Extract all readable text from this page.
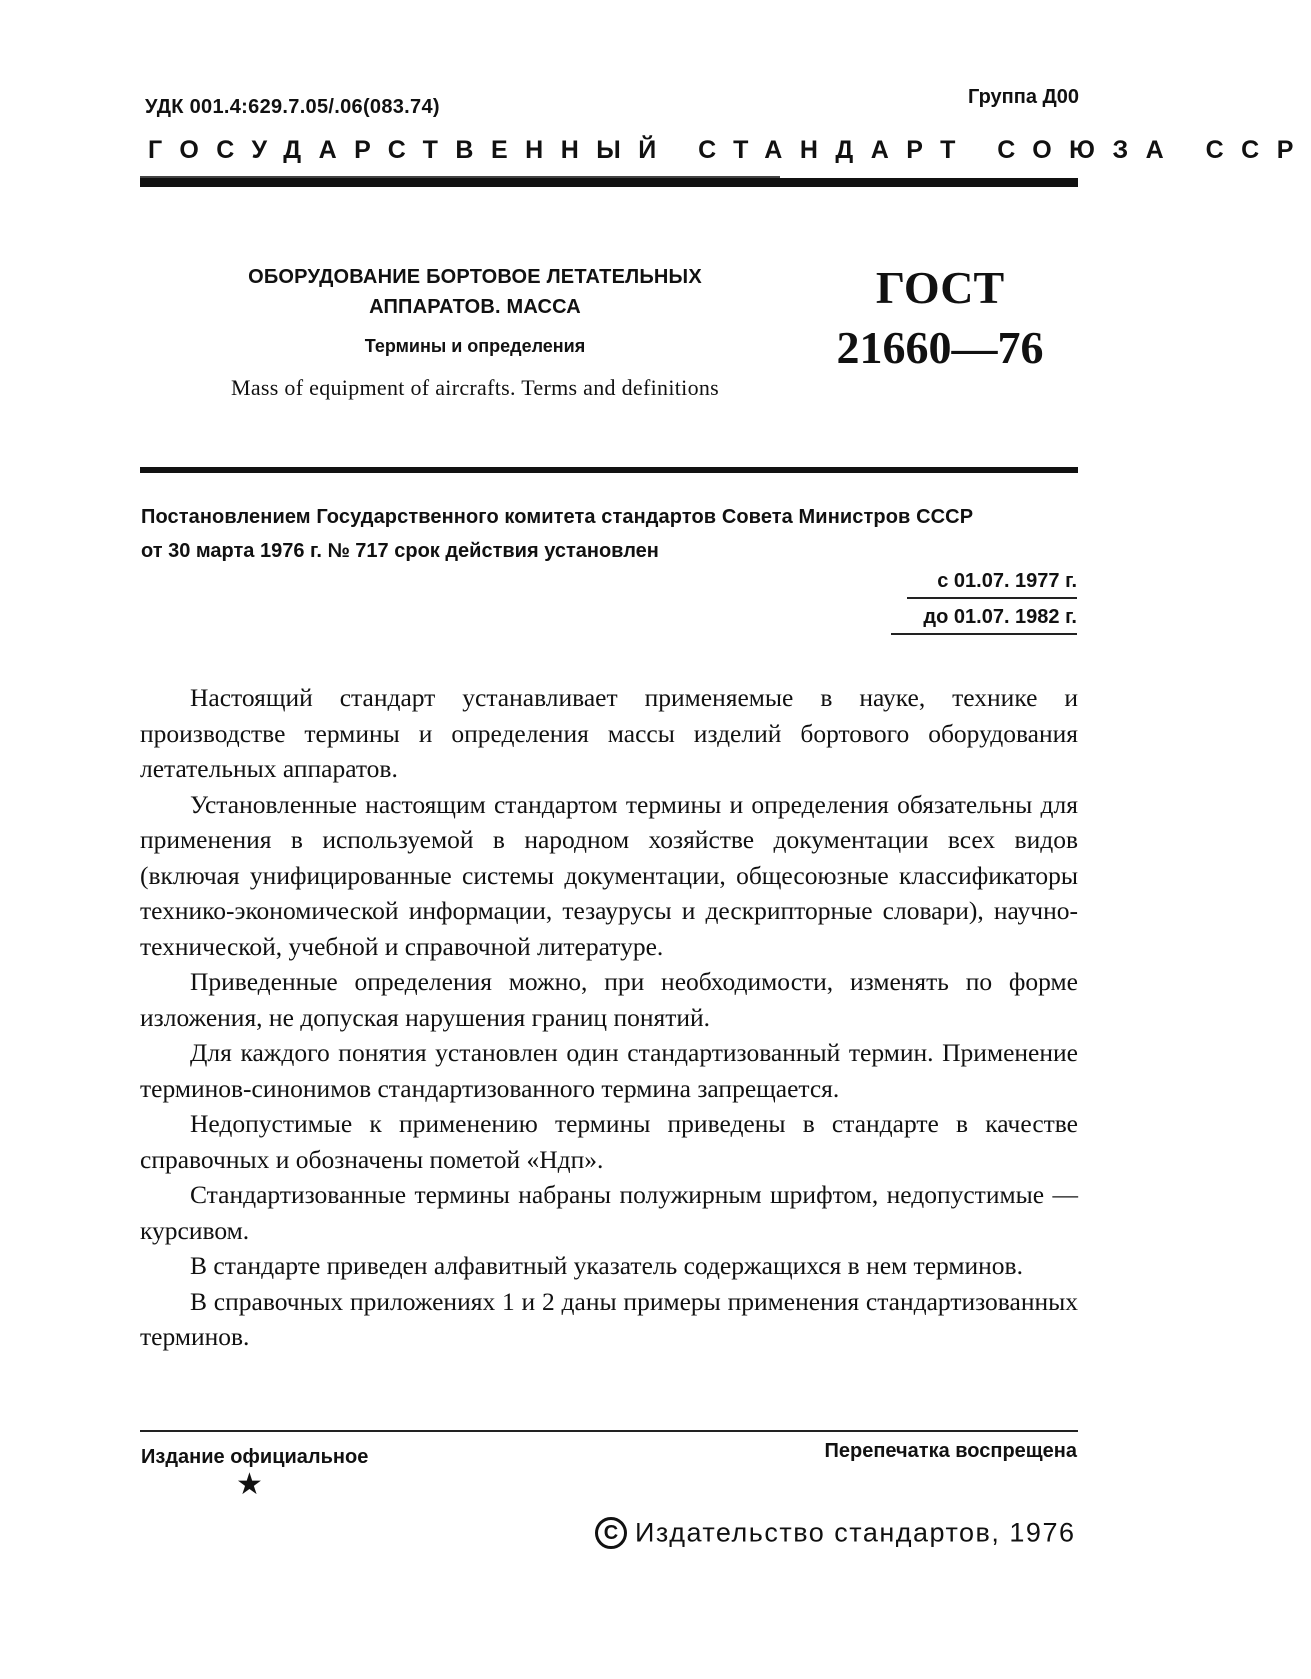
УДК 001.4:629.7.05/.06(083.74)	Группа Д00
ГОСУДАРСТВЕННЫЙ СТАНДАРТ СОЮЗА ССР
ОБОРУДОВАНИЕ БОРТОВОЕ ЛЕТАТЕЛЬНЫХ АППАРАТОВ. МАССА
Термины и определения
Mass of equipment of aircrafts. Terms and definitions
ГОСТ
21660—76
Постановлением Государственного комитета стандартов Совета Министров СССР
от 30 марта 1976 г. № 717 срок действия установлен
с 01.07. 1977 г.
до 01.07. 1982 г.

Настоящий стандарт устанавливает применяемые в науке, технике и производстве термины и определения массы изделий бортового оборудования летательных аппаратов.

Установленные настоящим стандартом термины и определения обязательны для применения в используемой в народном хозяйстве документации всех видов (включая унифицированные системы документации, общесоюзные классификаторы технико-экономической информации, тезаурусы и дескрипторные словари), научно-технической, учебной и справочной литературе.

Приведенные определения можно, при необходимости, изменять по форме изложения, не допуская нарушения границ понятий.

Для каждого понятия установлен один стандартизованный термин. Применение терминов-синонимов стандартизованного термина запрещается.

Недопустимые к применению термины приведены в стандарте в качестве справочных и обозначены пометой «Ндп».

Стандартизованные термины набраны полужирным шрифтом, недопустимые — курсивом.

В стандарте приведен алфавитный указатель содержащихся в нем терминов.

В справочных приложениях 1 и 2 даны примеры применения стандартизованных терминов.

Издание официальное	Перепечатка воспрещена
★
С Издательство стандартов, 1976
